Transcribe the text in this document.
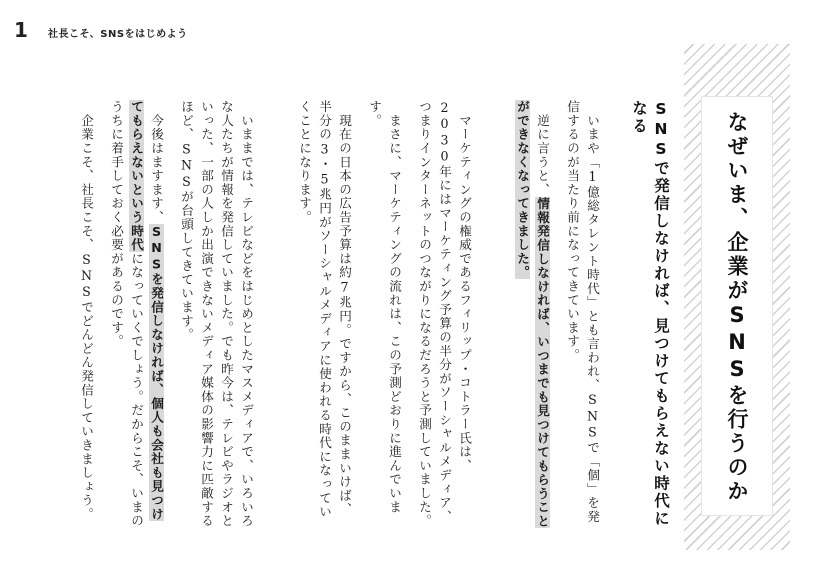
1 社長こそ、SNSをはじめよう
なぜいま、企業がSNSを行うのか
SNSで発信しなければ、見つけてもらえない時代になる

　いまや「1億総タレント時代」とも言われ、SNSで「個」を発信するのが当たり前になってきています。

　逆に言うと、情報発信しなければ、いつまでも見つけてもらうことができなくなってきました。

　マーケティングの権威であるフィリップ・コトラー氏は、2030年にはマーケティング予算の半分がソーシャルメディア、つまりインターネットのつながりになるだろうと予測していました。

　まさに、マーケティングの流れは、この予測どおりに進んでいます。

　現在の日本の広告予算は約7兆円。ですから、このままいけば、半分の3・5兆円がソーシャルメディアに使われる時代になっていくことになります。

　いままでは、テレビなどをはじめとしたマスメディアで、いろいろな人たちが情報を発信していました。でも昨今は、テレビやラジオといった、一部の人しか出演できないメディア媒体の影響力に匹敵するほど、SNSが台頭してきています。

　今後はますます、SNSを発信しなければ、個人も会社も見つけてもらえないという時代になっていくでしょう。だからこそ、いまのうちに着手しておく必要があるのです。

　企業こそ、社長こそ、SNSでどんどん発信していきましょう。
